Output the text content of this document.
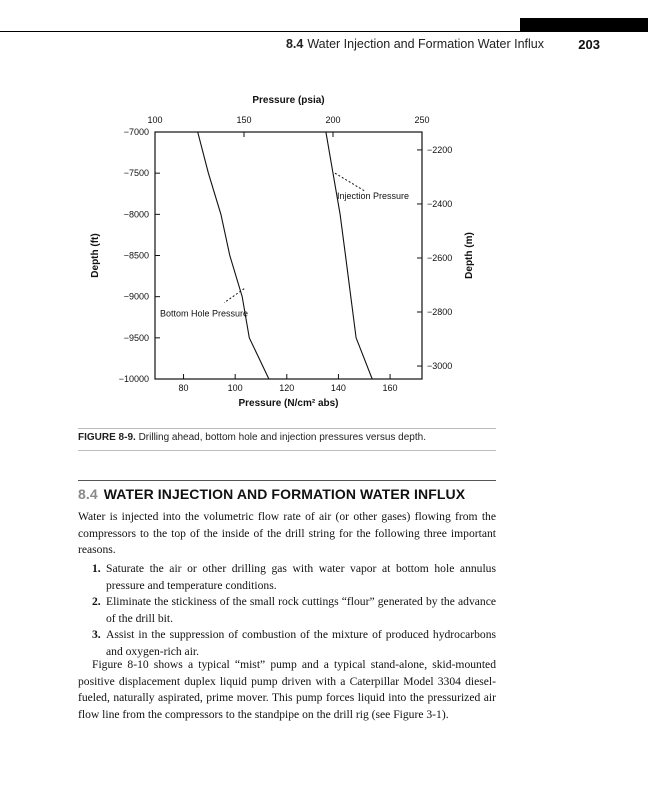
8.4 Water Injection and Formation Water Influx	203
Pressure (psia)
100	150	200	250
−7000
−7500
−8000
−8500
−9000
−9500
−10000
−2200
−2400
−2600
−2800
−3000
80	100	120	140	160
Pressure (N/cm² abs)
Depth (ft)	Depth (m)
Bottom Hole Pressure
Injection Pressure
FIGURE 8-9. Drilling ahead, bottom hole and injection pressures versus depth.
8.4 WATER INJECTION AND FORMATION WATER INFLUX
Water is injected into the volumetric flow rate of air (or other gases) flowing from the compressors to the top of the inside of the drill string for the following three important reasons.
1. Saturate the air or other drilling gas with water vapor at bottom hole annulus pressure and temperature conditions.
2. Eliminate the stickiness of the small rock cuttings “flour” generated by the advance of the drill bit.
3. Assist in the suppression of combustion of the mixture of produced hydrocarbons and oxygen-rich air.
Figure 8-10 shows a typical “mist” pump and a typical stand-alone, skid-mounted positive displacement duplex liquid pump driven with a Caterpillar Model 3304 diesel-fueled, naturally aspirated, prime mover. This pump forces liquid into the pressurized air flow line from the compressors to the standpipe on the drill rig (see Figure 3-1).
